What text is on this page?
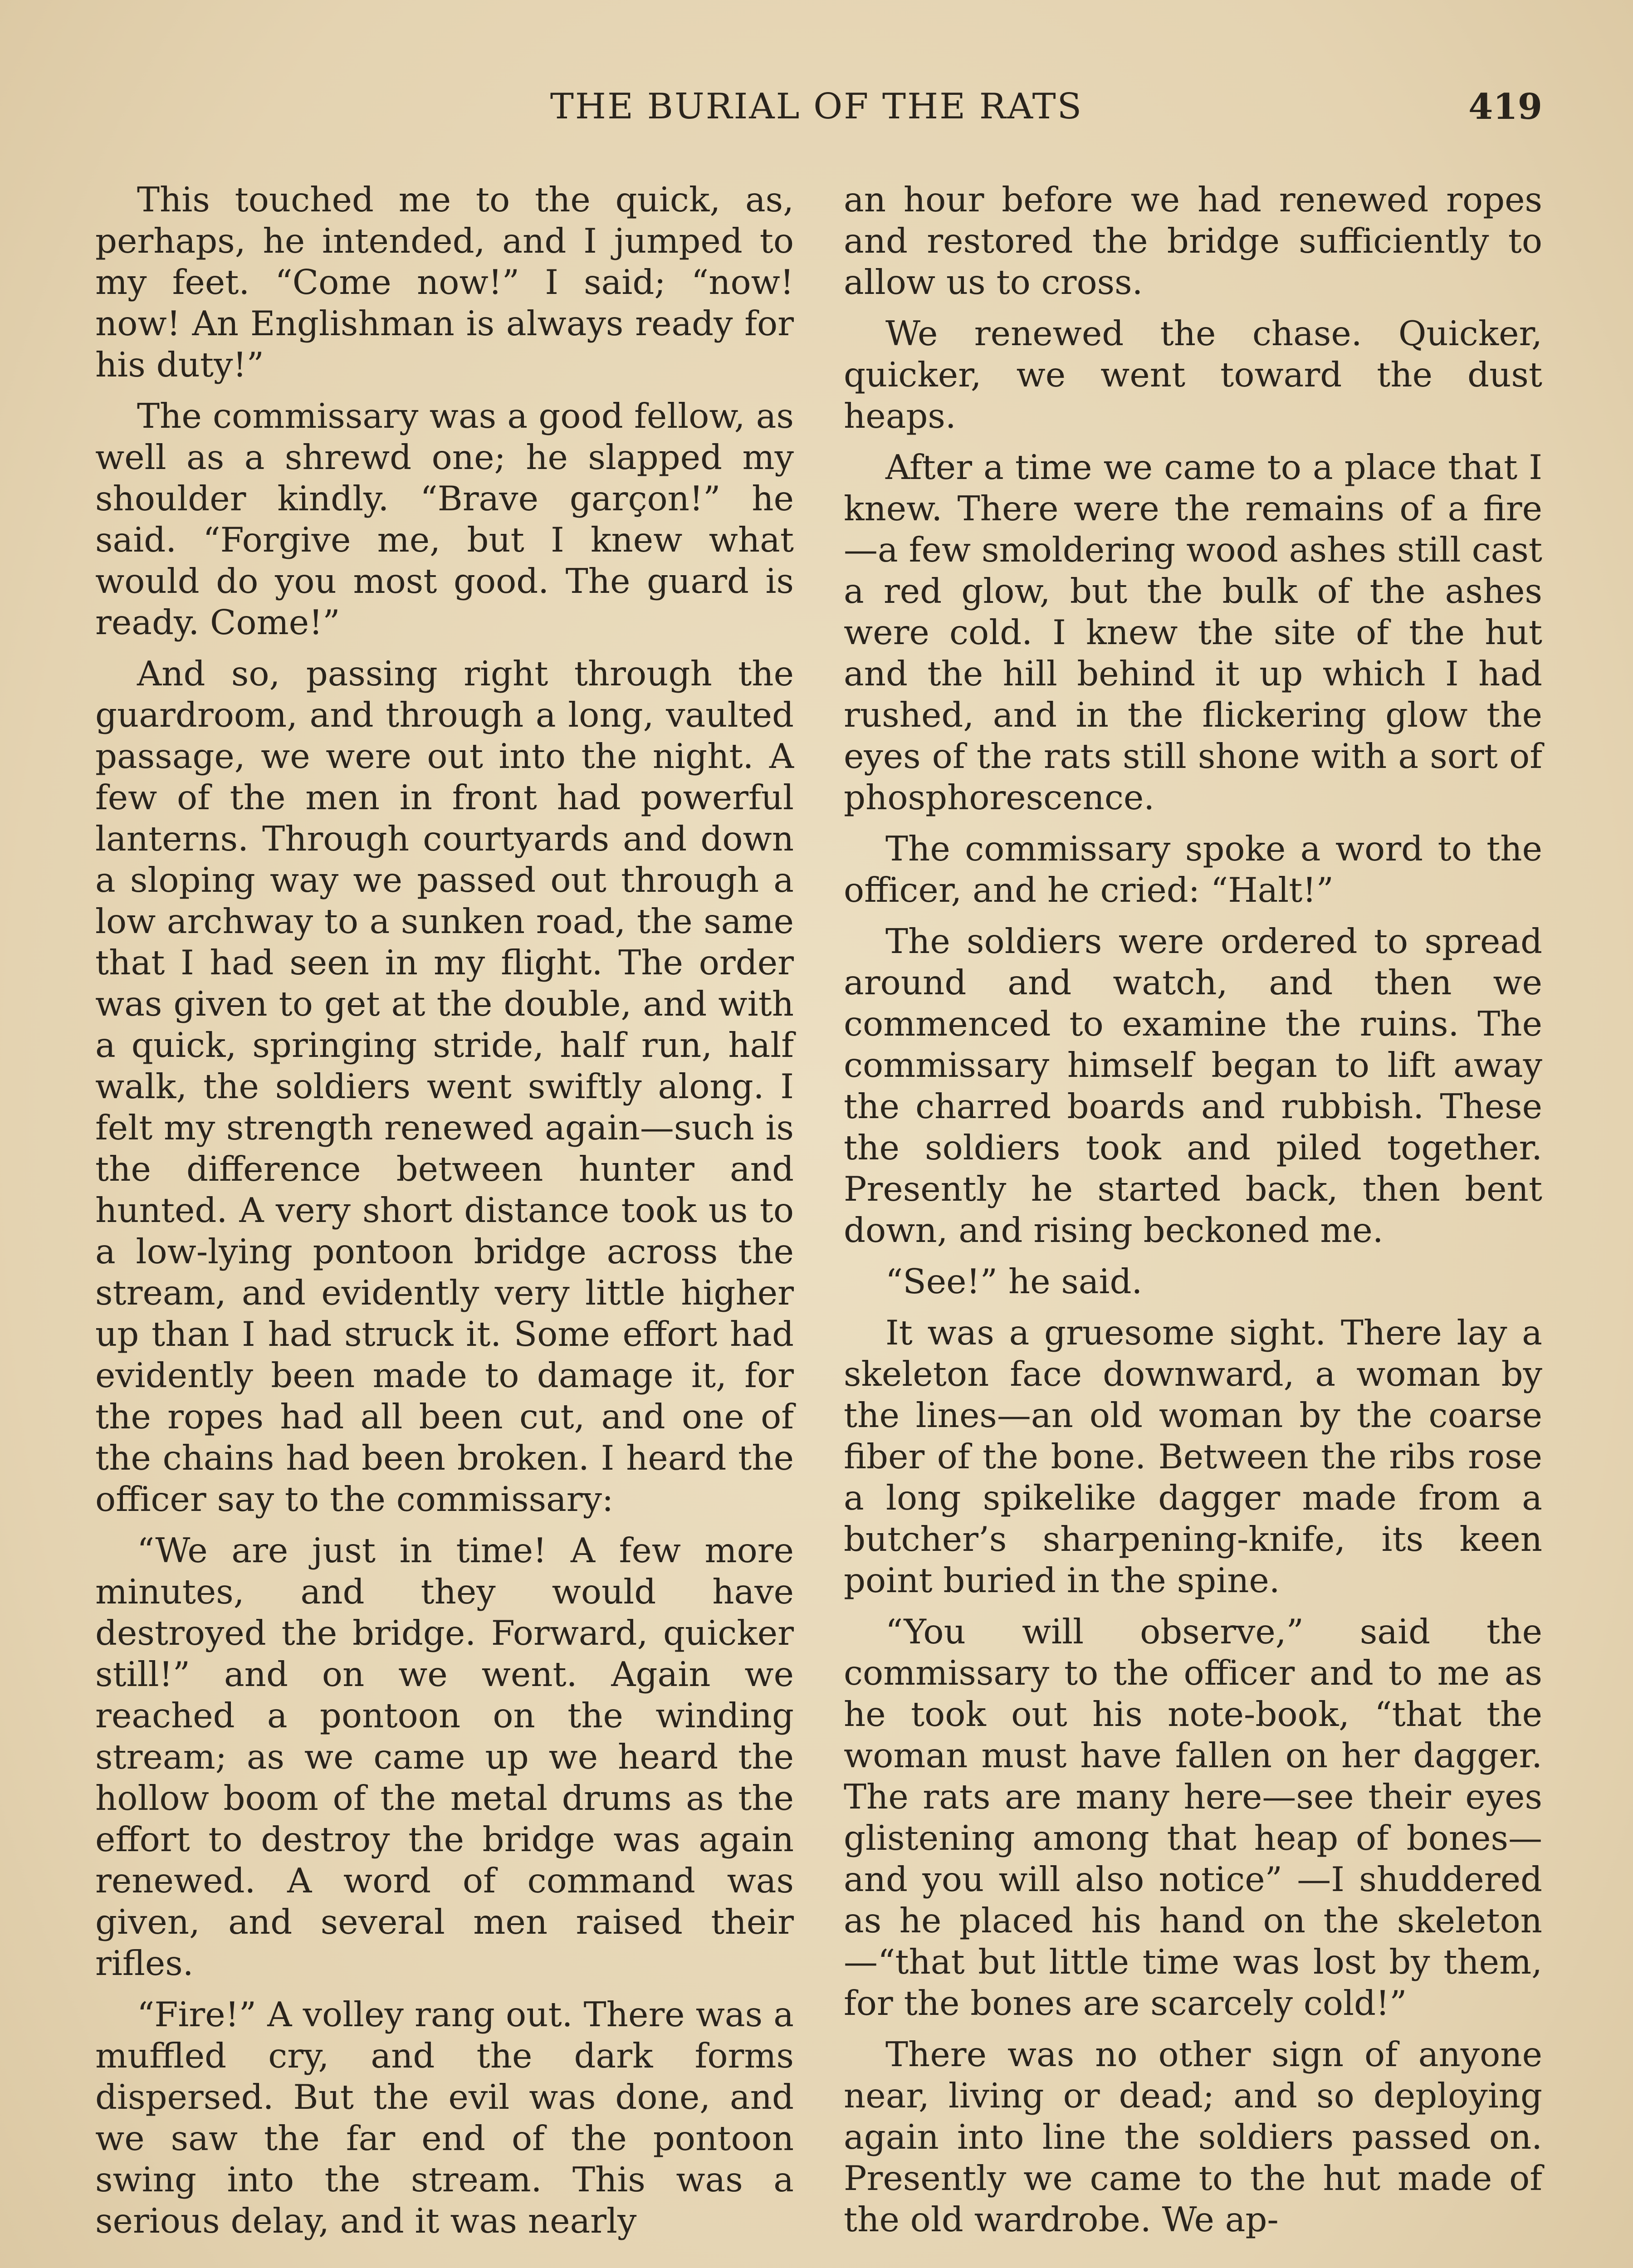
THE BURIAL OF THE RATS	419

This touched me to the quick, as, perhaps, he intended, and I jumped to my feet. “Come now!” I said; “now! now! An Englishman is always ready for his duty!”

The commissary was a good fellow, as well as a shrewd one; he slapped my shoulder kindly. “Brave garçon!” he said. “Forgive me, but I knew what would do you most good. The guard is ready. Come!”

And so, passing right through the guardroom, and through a long, vaulted passage, we were out into the night. A few of the men in front had powerful lanterns. Through courtyards and down a sloping way we passed out through a low archway to a sunken road, the same that I had seen in my flight. The order was given to get at the double, and with a quick, springing stride, half run, half walk, the soldiers went swiftly along. I felt my strength renewed again—such is the difference between hunter and hunted. A very short distance took us to a low-lying pontoon bridge across the stream, and evidently very little higher up than I had struck it. Some effort had evidently been made to damage it, for the ropes had all been cut, and one of the chains had been broken. I heard the officer say to the commissary:

“We are just in time! A few more minutes, and they would have destroyed the bridge. Forward, quicker still!” and on we went. Again we reached a pontoon on the winding stream; as we came up we heard the hollow boom of the metal drums as the effort to destroy the bridge was again renewed. A word of command was given, and several men raised their rifles.

“Fire!” A volley rang out. There was a muffled cry, and the dark forms dispersed. But the evil was done, and we saw the far end of the pontoon swing into the stream. This was a serious delay, and it was nearly

an hour before we had renewed ropes and restored the bridge sufficiently to allow us to cross.

We renewed the chase. Quicker, quicker, we went toward the dust heaps.

After a time we came to a place that I knew. There were the remains of a fire—a few smoldering wood ashes still cast a red glow, but the bulk of the ashes were cold. I knew the site of the hut and the hill behind it up which I had rushed, and in the flickering glow the eyes of the rats still shone with a sort of phosphorescence.

The commissary spoke a word to the officer, and he cried: “Halt!”

The soldiers were ordered to spread around and watch, and then we commenced to examine the ruins. The commissary himself began to lift away the charred boards and rubbish. These the soldiers took and piled together. Presently he started back, then bent down, and rising beckoned me.

“See!” he said.

It was a gruesome sight. There lay a skeleton face downward, a woman by the lines—an old woman by the coarse fiber of the bone. Between the ribs rose a long spikelike dagger made from a butcher’s sharpening-knife, its keen point buried in the spine.

“You will observe,” said the commissary to the officer and to me as he took out his note-book, “that the woman must have fallen on her dagger. The rats are many here—see their eyes glistening among that heap of bones—and you will also notice” —I shuddered as he placed his hand on the skeleton—“that but little time was lost by them, for the bones are scarcely cold!”

There was no other sign of anyone near, living or dead; and so deploying again into line the soldiers passed on. Presently we came to the hut made of the old wardrobe. We ap-
